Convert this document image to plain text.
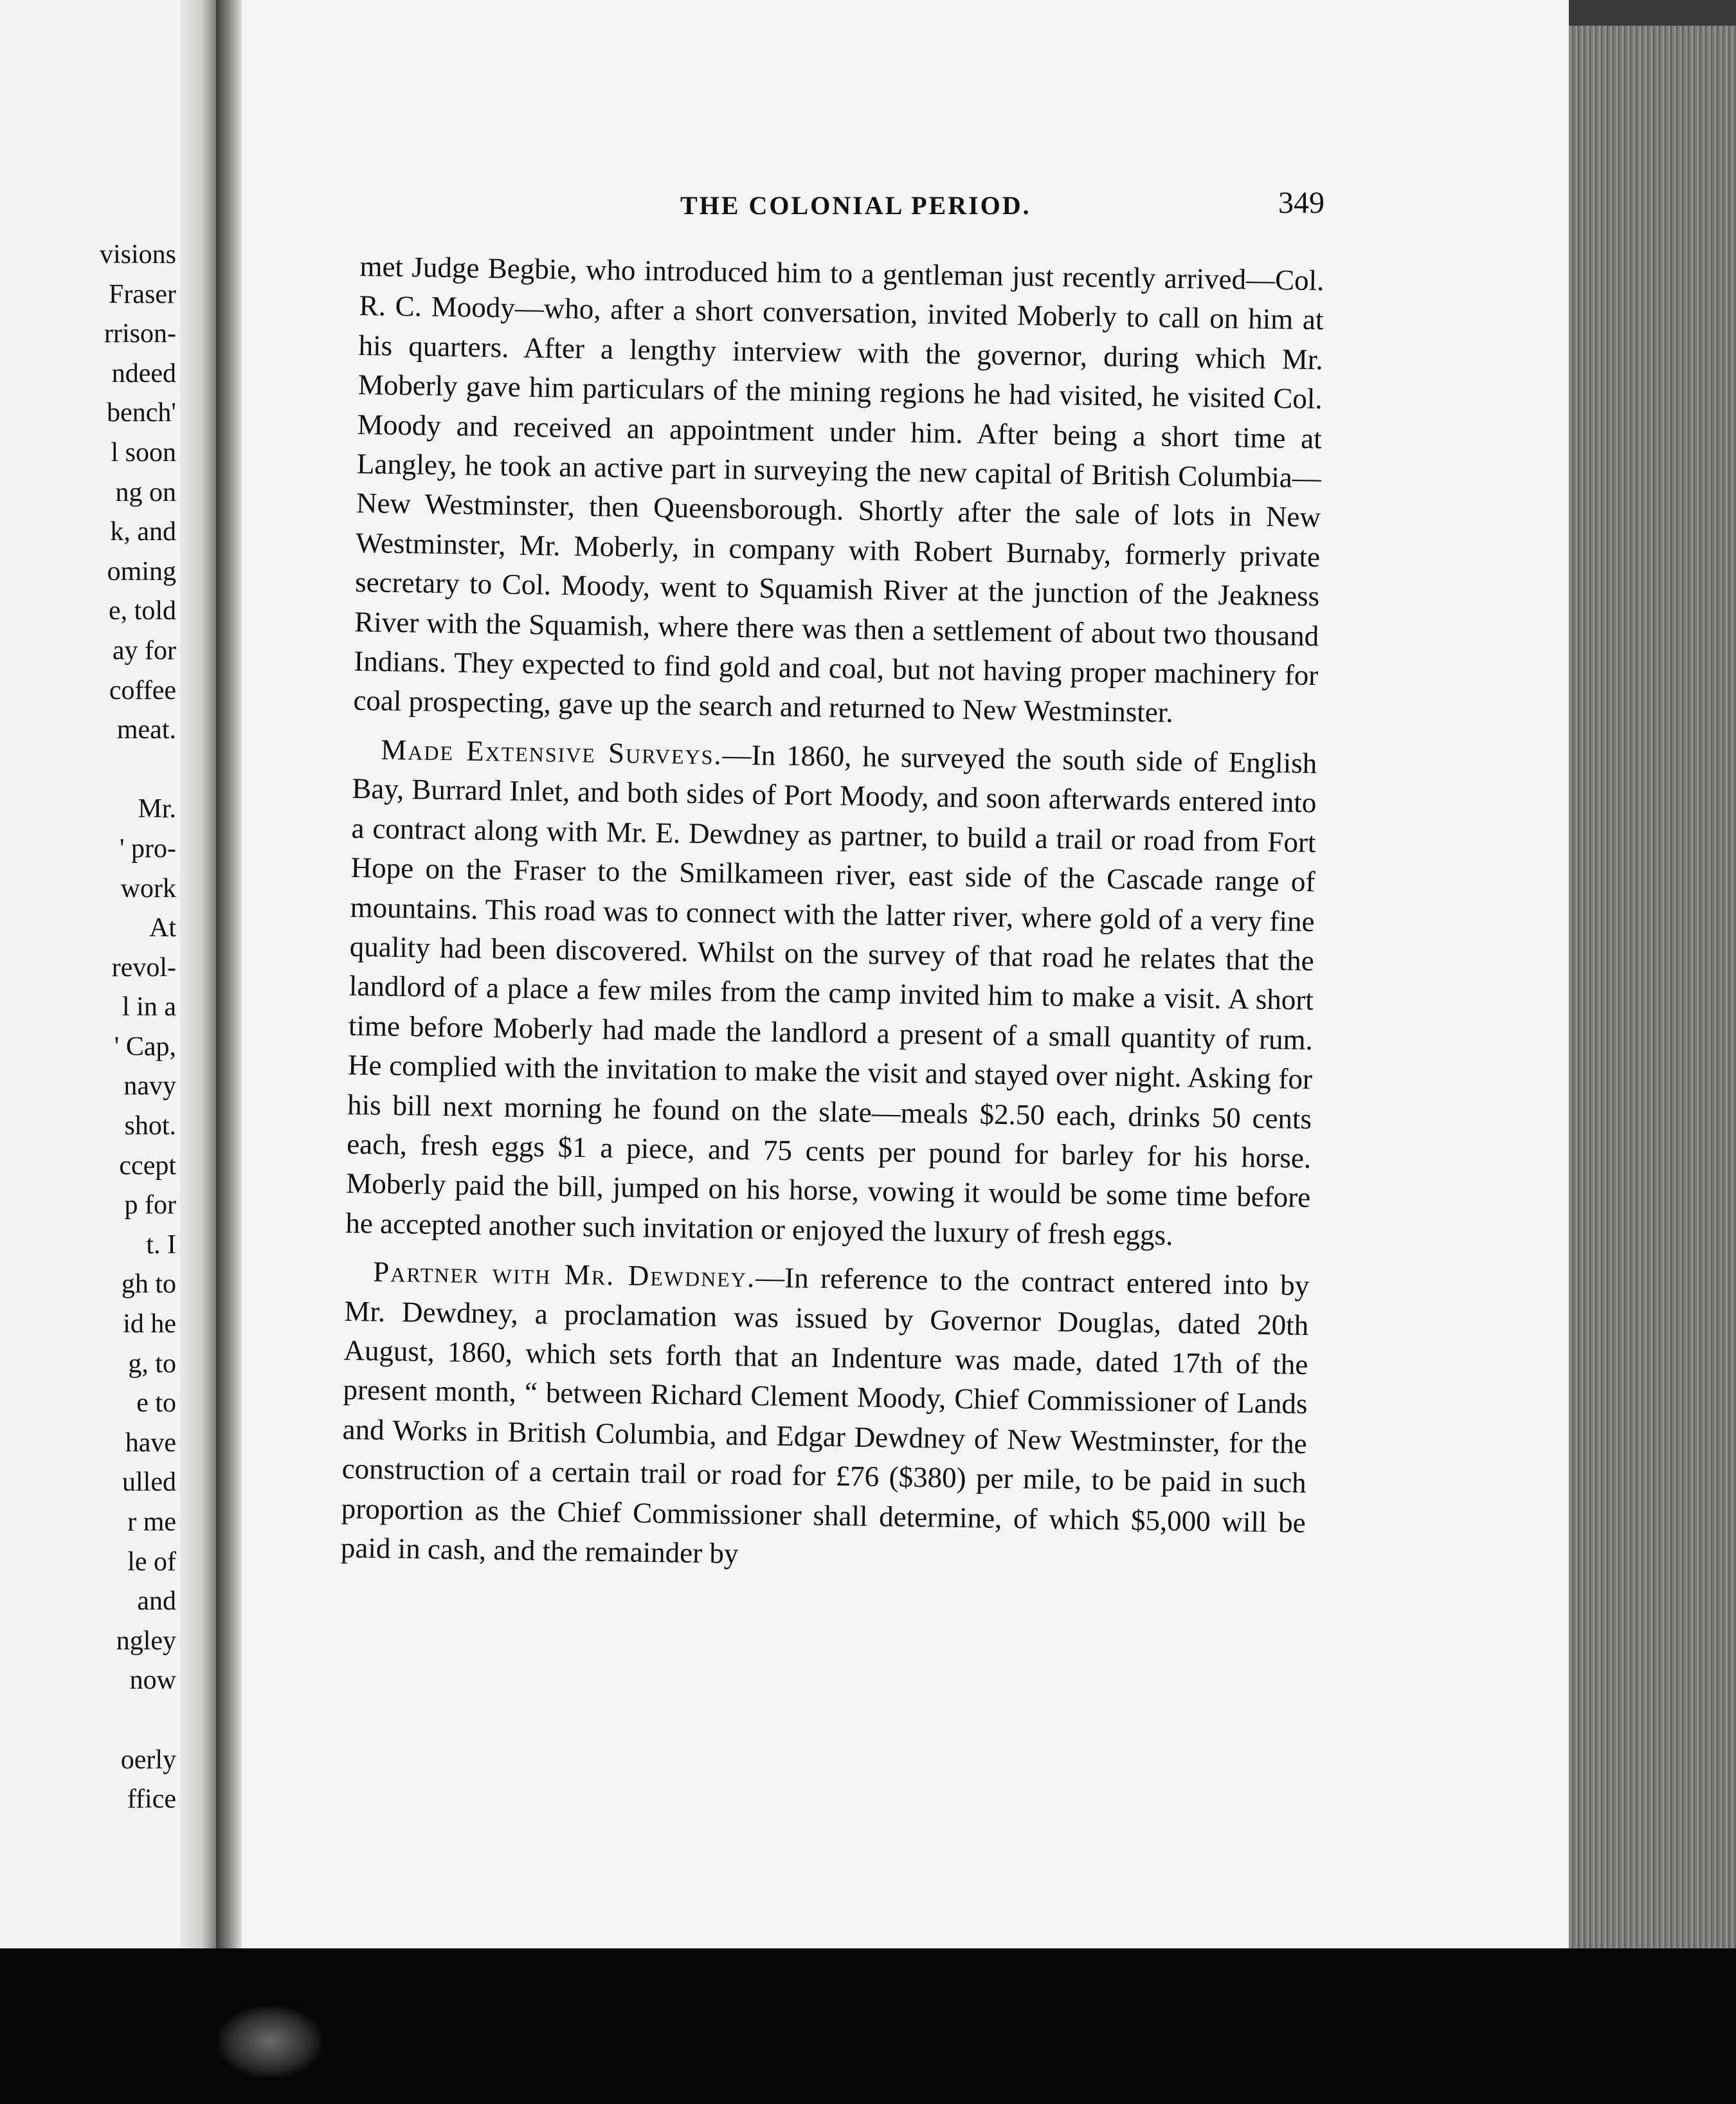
visions
Fraser
rrison-
ndeed
bench'
l soon
ng on
k, and
oming
e, told
ay for
coffee
meat.
Mr.
' pro-
work
At
revol-
l in a
' Cap,
navy
shot.
ccept
p for
t. I
gh to
id he
g, to
e to
have
ulled
r me
le of
and
ngley
now
oerly
ffice
THE COLONIAL PERIOD.	349

met Judge Begbie, who introduced him to a gentleman just recently arrived—Col. R. C. Moody—who, after a short conversation, invited Moberly to call on him at his quarters. After a lengthy interview with the governor, during which Mr. Moberly gave him particulars of the mining regions he had visited, he visited Col. Moody and received an appointment under him. After being a short time at Langley, he took an active part in surveying the new capital of British Columbia—New Westminster, then Queensborough. Shortly after the sale of lots in New Westminster, Mr. Moberly, in company with Robert Burnaby, formerly private secretary to Col. Moody, went to Squamish River at the junction of the Jeakness River with the Squamish, where there was then a settlement of about two thousand Indians. They expected to find gold and coal, but not having proper machinery for coal prospecting, gave up the search and returned to New Westminster.

Made Extensive Surveys.—In 1860, he surveyed the south side of English Bay, Burrard Inlet, and both sides of Port Moody, and soon afterwards entered into a contract along with Mr. E. Dewdney as partner, to build a trail or road from Fort Hope on the Fraser to the Smilkameen river, east side of the Cascade range of mountains. This road was to connect with the latter river, where gold of a very fine quality had been discovered. Whilst on the survey of that road he relates that the landlord of a place a few miles from the camp invited him to make a visit. A short time before Moberly had made the landlord a present of a small quantity of rum. He complied with the invitation to make the visit and stayed over night. Asking for his bill next morning he found on the slate—meals $2.50 each, drinks 50 cents each, fresh eggs $1 a piece, and 75 cents per pound for barley for his horse. Moberly paid the bill, jumped on his horse, vowing it would be some time before he accepted another such invitation or enjoyed the luxury of fresh eggs.

Partner with Mr. Dewdney.—In reference to the contract entered into by Mr. Dewdney, a proclamation was issued by Governor Douglas, dated 20th August, 1860, which sets forth that an Indenture was made, dated 17th of the present month, “ between Richard Clement Moody, Chief Commissioner of Lands and Works in British Columbia, and Edgar Dewdney of New Westminster, for the construction of a certain trail or road for £76 ($380) per mile, to be paid in such proportion as the Chief Commissioner shall determine, of which $5,000 will be paid in cash, and the remainder by
